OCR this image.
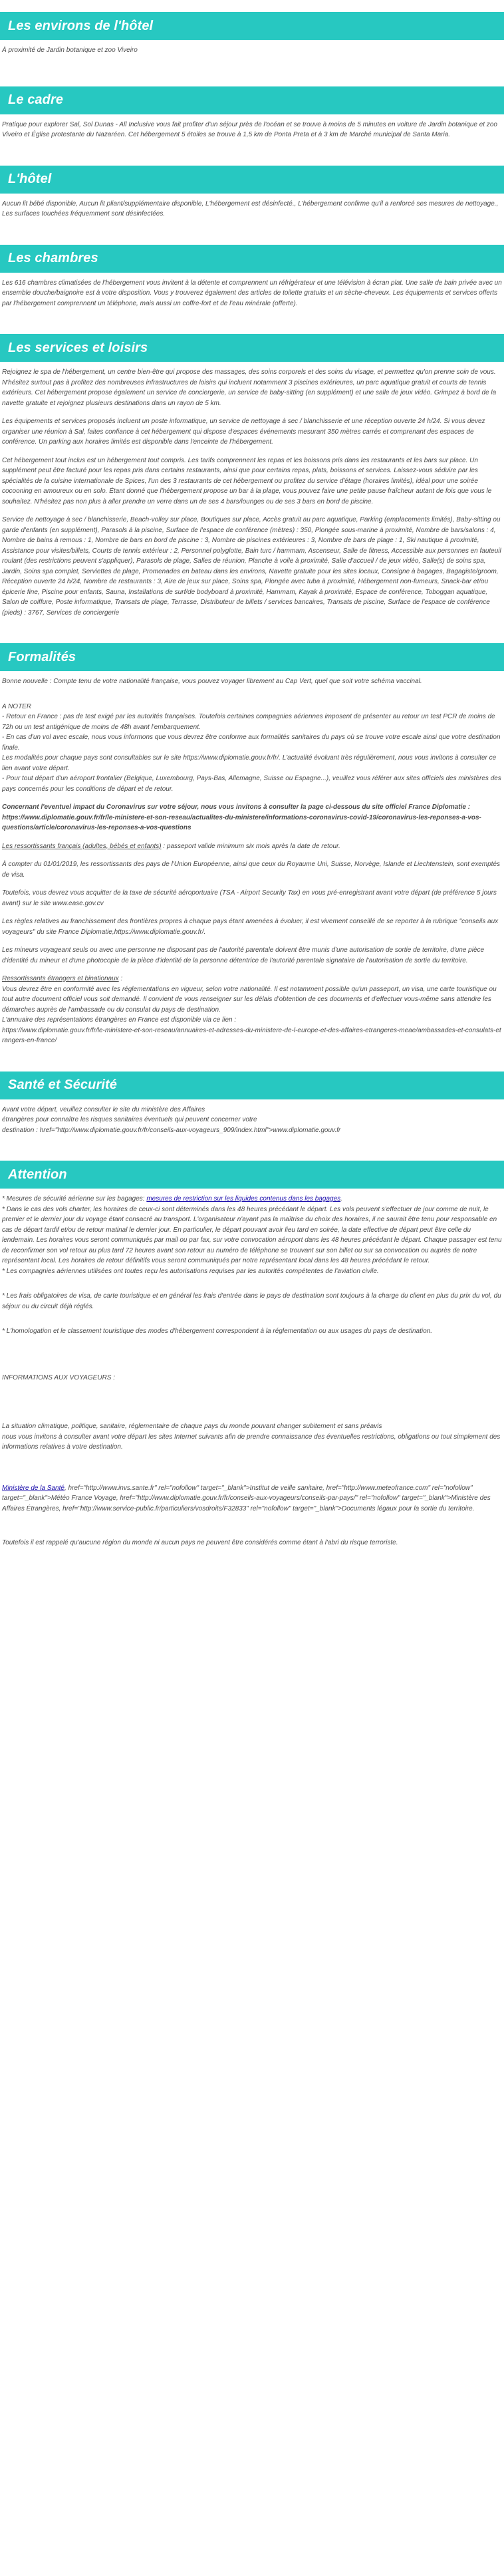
Les environs de l'hôtel

À proximité de Jardin botanique et zoo Viveiro

Le cadre

Pratique pour explorer Sal, Sol Dunas - All Inclusive vous fait profiter d'un séjour près de l'océan et se trouve à moins de 5 minutes en voiture de Jardin botanique et zoo Viveiro et Église protestante du Nazaréen. Cet hébergement 5 étoiles se trouve à 1,5 km de Ponta Preta et à 3 km de Marché municipal de Santa Maria.

L'hôtel

Aucun lit bébé disponible, Aucun lit pliant/supplémentaire disponible, L'hébergement est désinfecté., L'hébergement confirme qu'il a renforcé ses mesures de nettoyage., Les surfaces touchées fréquemment sont désinfectées.

Les chambres

Les 616 chambres climatisées de l'hébergement vous invitent à la détente et comprennent un réfrigérateur et une télévision à écran plat. Une salle de bain privée avec un ensemble douche/baignoire est à votre disposition. Vous y trouverez également des articles de toilette gratuits et un sèche-cheveux. Les équipements et services offerts par l'hébergement comprennent un téléphone, mais aussi un coffre-fort et de l'eau minérale (offerte).

Les services et loisirs

Rejoignez le spa de l'hébergement, un centre bien-être qui propose des massages, des soins corporels et des soins du visage, et permettez qu'on prenne soin de vous. N'hésitez surtout pas à profitez des nombreuses infrastructures de loisirs qui incluent notamment 3 piscines extérieures, un parc aquatique gratuit et courts de tennis extérieurs. Cet hébergement propose également un service de conciergerie, un service de baby-sitting (en supplément) et une salle de jeux vidéo. Grimpez à bord de la navette gratuite et rejoignez plusieurs destinations dans un rayon de 5 km.

Les équipements et services proposés incluent un poste informatique, un service de nettoyage à sec / blanchisserie et une réception ouverte 24 h/24. Si vous devez organiser une réunion à Sal, faites confiance à cet hébergement qui dispose d'espaces événements mesurant 350 mètres carrés et comprenant des espaces de conférence. Un parking aux horaires limités est disponible dans l'enceinte de l'hébergement.

Cet hébergement tout inclus est un hébergement tout compris. Les tarifs comprennent les repas et les boissons pris dans les restaurants et les bars sur place. Un supplément peut être facturé pour les repas pris dans certains restaurants, ainsi que pour certains repas, plats, boissons et services. Laissez-vous séduire par les spécialités de la cuisine internationale de Spices, l'un des 3 restaurants de cet hébergement ou profitez du service d'étage (horaires limités), idéal pour une soirée cocooning en amoureux ou en solo. Étant donné que l'hébergement propose un bar à la plage, vous pouvez faire une petite pause fraîcheur autant de fois que vous le souhaitez. N'hésitez pas non plus à aller prendre un verre dans un de ses 4 bars/lounges ou de ses 3 bars en bord de piscine.

Service de nettoyage à sec / blanchisserie, Beach-volley sur place, Boutiques sur place, Accès gratuit au parc aquatique, Parking (emplacements limités), Baby-sitting ou garde d'enfants (en supplément), Parasols à la piscine, Surface de l'espace de conférence (mètres) : 350, Plongée sous-marine à proximité, Nombre de bars/salons : 4, Nombre de bains à remous : 1, Nombre de bars en bord de piscine : 3, Nombre de piscines extérieures : 3, Nombre de bars de plage : 1, Ski nautique à proximité, Assistance pour visites/billets, Courts de tennis extérieur : 2, Personnel polyglotte, Bain turc / hammam, Ascenseur, Salle de fitness, Accessible aux personnes en fauteuil roulant (des restrictions peuvent s'appliquer), Parasols de plage, Salles de réunion, Planche à voile à proximité, Salle d'accueil / de jeux vidéo, Salle(s) de soins spa, Jardin, Soins spa complet, Serviettes de plage, Promenades en bateau dans les environs, Navette gratuite pour les sites locaux, Consigne à bagages, Bagagiste/groom, Réception ouverte 24 h/24, Nombre de restaurants : 3, Aire de jeux sur place, Soins spa, Plongée avec tuba à proximité, Hébergement non-fumeurs, Snack-bar et/ou épicerie fine, Piscine pour enfants, Sauna, Installations de surf/de bodyboard à proximité, Hammam, Kayak à proximité, Espace de conférence, Toboggan aquatique, Salon de coiffure, Poste informatique, Transats de plage, Terrasse, Distributeur de billets / services bancaires, Transats de piscine, Surface de l'espace de conférence (pieds) : 3767, Services de conciergerie

Formalités

Bonne nouvelle : Compte tenu de votre nationalité française, vous pouvez voyager librement au Cap Vert, quel que soit votre schéma vaccinal.

A NOTER

- Retour en France : pas de test exigé par les autorités françaises. Toutefois certaines compagnies aériennes imposent de présenter au retour un test PCR de moins de 72h ou un test antigénique de moins de 48h avant l'embarquement.

- En cas d'un vol avec escale, nous vous informons que vous devrez être conforme aux formalités sanitaires du pays où se trouve votre escale ainsi que votre destination finale.

Les modalités pour chaque pays sont consultables sur le site https://www.diplomatie.gouv.fr/fr/. L'actualité évoluant très régulièrement, nous vous invitons à consulter ce lien avant votre départ.

- Pour tout départ d'un aéroport frontalier (Belgique, Luxembourg, Pays-Bas, Allemagne, Suisse ou Espagne...), veuillez vous référer aux sites officiels des ministères des pays concernés pour les conditions de départ et de retour.

Concernant l'eventuel impact du Coronavirus sur votre séjour, nous vous invitons à consulter la page ci-dessous du site officiel France Diplomatie : https://www.diplomatie.gouv.fr/fr/le-ministere-et-son-reseau/actualites-du-ministere/informations-coronavirus-covid-19/coronavirus-les-reponses-a-vos-questions/article/coronavirus-les-reponses-a-vos-questions

Les ressortissants français (adultes, bébés et enfants) : passeport valide minimum six mois après la date de retour.

À compter du 01/01/2019, les ressortissants des pays de l'Union Européenne, ainsi que ceux du Royaume Uni, Suisse, Norvège, Islande et Liechtenstein, sont exemptés de visa.

Toutefois, vous devrez vous acquitter de la taxe de sécurité aéroportuaire (TSA - Airport Security Tax) en vous pré-enregistrant avant votre départ (de préférence 5 jours avant) sur le site www.ease.gov.cv

Les règles relatives au franchissement des frontières propres à chaque pays étant amenées à évoluer, il est vivement conseillé de se reporter à la rubrique "conseils aux voyageurs" du site France Diplomatie,https://www.diplomatie.gouv.fr/.

Les mineurs voyageant seuls ou avec une personne ne disposant pas de l'autorité parentale doivent être munis d'une autorisation de sortie de territoire, d'une pièce d'identité du mineur et d'une photocopie de la pièce d'identité de la personne détentrice de l'autorité parentale signataire de l'autorisation de sortie du territoire.

Ressortissants étrangers et binationaux :

Vous devrez être en conformité avec les réglementations en vigueur, selon votre nationalité. Il est notamment possible qu'un passeport, un visa, une carte touristique ou tout autre document officiel vous soit demandé. Il convient de vous renseigner sur les délais d'obtention de ces documents et d'effectuer vous-même sans attendre les démarches auprès de l'ambassade ou du consulat du pays de destination.

L'annuaire des représentations étrangères en France est disponible via ce lien :

https://www.diplomatie.gouv.fr/fr/le-ministere-et-son-reseau/annuaires-et-adresses-du-ministere-de-l-europe-et-des-affaires-etrangeres-meae/ambassades-et-consulats-etrangers-en-france/

Santé et Sécurité

Avant votre départ, veuillez consulter le site du ministère des Affaires

étrangères pour connaître les risques sanitaires éventuels qui peuvent concerner votre

destination : href="http://www.diplomatie.gouv.fr/fr/conseils-aux-voyageurs_909/index.html">www.diplomatie.gouv.fr

Attention

* Mesures de sécurité aérienne sur les bagages: mesures de restriction sur les liquides contenus dans les bagages.

* Dans le cas des vols charter, les horaires de ceux-ci sont déterminés dans les 48 heures précédant le départ. Les vols peuvent s'effectuer de jour comme de nuit, le premier et le dernier jour du voyage étant consacré au transport. L'organisateur n'ayant pas la maîtrise du choix des horaires, il ne saurait être tenu pour responsable en cas de départ tardif et/ou de retour matinal le dernier jour. En particulier, le départ pouvant avoir lieu tard en soirée, la date effective de départ peut être celle du lendemain. Les horaires vous seront communiqués par mail ou par fax, sur votre convocation aéroport dans les 48 heures précédant le départ. Chaque passager est tenu de reconfirmer son vol retour au plus tard 72 heures avant son retour au numéro de téléphone se trouvant sur son billet ou sur sa convocation ou auprès de notre représentant local. Les horaires de retour définitifs vous seront communiqués par notre représentant local dans les 48 heures précédant le retour.

* Les compagnies aériennes utilisées ont toutes reçu les autorisations requises par les autorités compétentes de l'aviation civile.

* Les frais obligatoires de visa, de carte touristique et en général les frais d'entrée dans le pays de destination sont toujours à la charge du client en plus du prix du vol, du séjour ou du circuit déjà réglés.

* L'homologation et le classement touristique des modes d'hébergement correspondent à la réglementation ou aux usages du pays de destination.

INFORMATIONS AUX VOYAGEURS :

La situation climatique, politique, sanitaire, réglementaire de chaque pays du monde pouvant changer subitement et sans préavis

nous vous invitons à consulter avant votre départ les sites Internet suivants afin de prendre connaissance des éventuelles restrictions, obligations ou tout simplement des informations relatives à votre destination.

Ministère de la Santé, href="http://www.invs.sante.fr" rel="nofollow" target="_blank">Institut de veille sanitaire, href="http://www.meteofrance.com" rel="nofollow" target="_blank">Météo France Voyage, href="http://www.diplomatie.gouv.fr/fr/conseils-aux-voyageurs/conseils-par-pays/" rel="nofollow" target="_blank">Ministère des Affaires Étrangères, href="http://www.service-public.fr/particuliers/vosdroits/F32833" rel="nofollow" target="_blank">Documents légaux pour la sortie du territoire.

Toutefois il est rappelé qu'aucune région du monde ni aucun pays ne peuvent être considérés comme étant à l'abri du risque terroriste.
